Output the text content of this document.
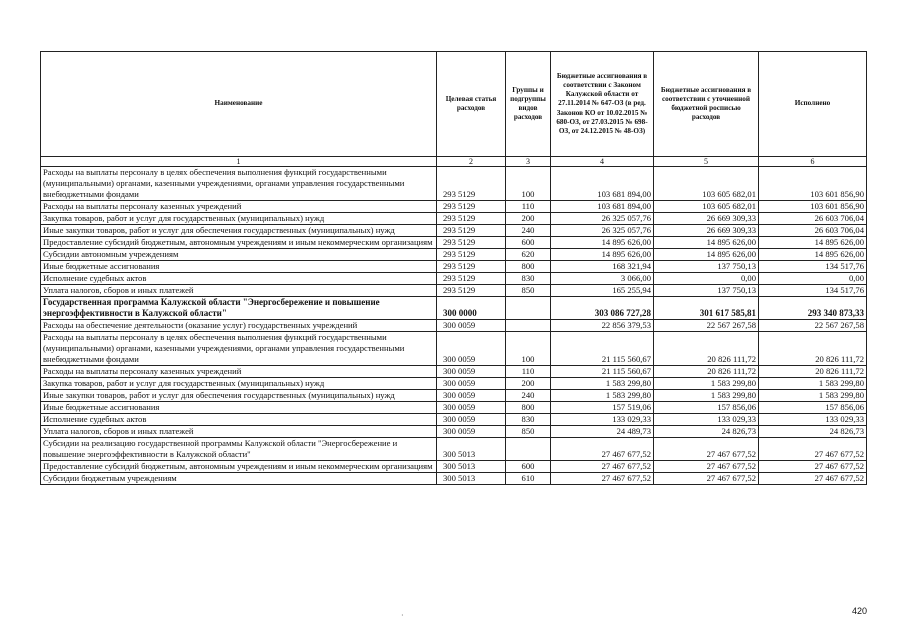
Наименование	Целевая статья расходов	Группы и подгруппы видов расходов	Бюджетные ассигнования в соответствии с Законом Калужской области от 27.11.2014 № 647-ОЗ (в ред. Законов КО от 10.02.2015 № 680-ОЗ, от 27.03.2015 № 698-ОЗ, от 24.12.2015 № 48-ОЗ)	Бюджетные ассигнования в соответствии с уточненной бюджетной росписью расходов	Исполнено
1	2	3	4	5	6
Расходы на выплаты персоналу в целях обеспечения выполнения функций государственными (муниципальными) органами, казенными учреждениями, органами управления государственными внебюджетными фондами	293 5129	100	103 681 894,00	103 605 682,01	103 601 856,90
Расходы на выплаты персоналу казенных учреждений	293 5129	110	103 681 894,00	103 605 682,01	103 601 856,90
Закупка товаров, работ и услуг для государственных (муниципальных) нужд	293 5129	200	26 325 057,76	26 669 309,33	26 603 706,04
Иные закупки товаров, работ и услуг для обеспечения государственных (муниципальных) нужд	293 5129	240	26 325 057,76	26 669 309,33	26 603 706,04
Предоставление субсидий бюджетным, автономным учреждениям и иным некоммерческим организациям	293 5129	600	14 895 626,00	14 895 626,00	14 895 626,00
Субсидии автономным учреждениям	293 5129	620	14 895 626,00	14 895 626,00	14 895 626,00
Иные бюджетные ассигнования	293 5129	800	168 321,94	137 750,13	134 517,76
Исполнение судебных актов	293 5129	830	3 066,00	0,00	0,00
Уплата налогов, сборов и иных платежей	293 5129	850	165 255,94	137 750,13	134 517,76
Государственная программа Калужской области "Энергосбережение и повышение энергоэффективности в Калужской области"	300 0000		303 086 727,28	301 617 585,81	293 340 873,33
Расходы на обеспечение деятельности (оказание услуг) государственных учреждений	300 0059		22 856 379,53	22 567 267,58	22 567 267,58
Расходы на выплаты персоналу в целях обеспечения выполнения функций государственными (муниципальными) органами, казенными учреждениями, органами управления государственными внебюджетными фондами	300 0059	100	21 115 560,67	20 826 111,72	20 826 111,72
Расходы на выплаты персоналу казенных учреждений	300 0059	110	21 115 560,67	20 826 111,72	20 826 111,72
Закупка товаров, работ и услуг для государственных (муниципальных) нужд	300 0059	200	1 583 299,80	1 583 299,80	1 583 299,80
Иные закупки товаров, работ и услуг для обеспечения государственных (муниципальных) нужд	300 0059	240	1 583 299,80	1 583 299,80	1 583 299,80
Иные бюджетные ассигнования	300 0059	800	157 519,06	157 856,06	157 856,06
Исполнение судебных актов	300 0059	830	133 029,33	133 029,33	133 029,33
Уплата налогов, сборов и иных платежей	300 0059	850	24 489,73	24 826,73	24 826,73
Субсидии на реализацию государственной программы Калужской области "Энергосбережение и повышение энергоэффективности в Калужской области"	300 5013		27 467 677,52	27 467 677,52	27 467 677,52
Предоставление субсидий бюджетным, автономным учреждениям и иным некоммерческим организациям	300 5013	600	27 467 677,52	27 467 677,52	27 467 677,52
Субсидии бюджетным учреждениям	300 5013	610	27 467 677,52	27 467 677,52	27 467 677,52
·	420
